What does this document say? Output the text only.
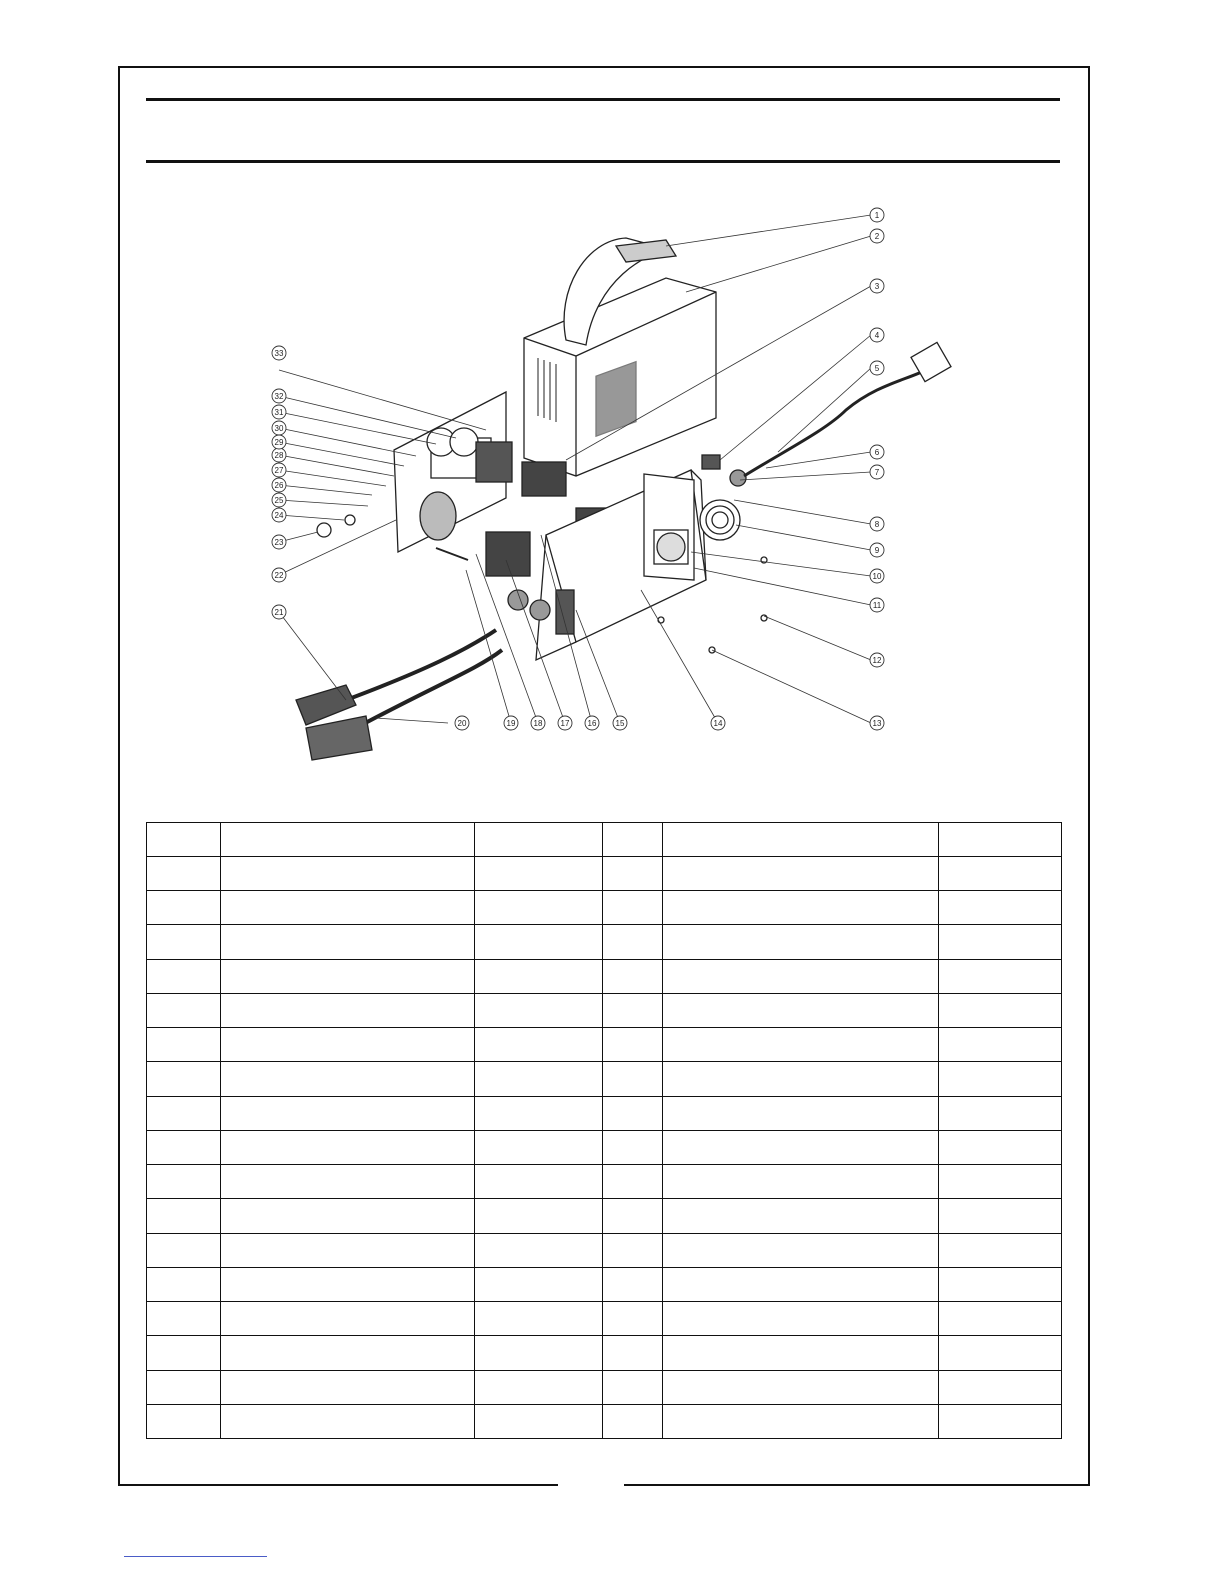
1
2
3
4
5
6
7
8
9
10
11
12
13
14
15
16
17
18
19
20
21
22
23
24
25
26
27
28
29
30
31
32
33
